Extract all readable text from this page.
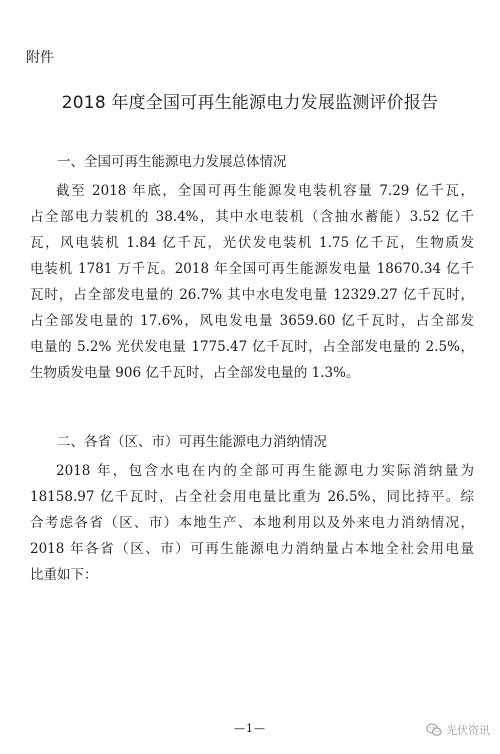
附件
2018 年度全国可再生能源电力发展监测评价报告
一、全国可再生能源电力发展总体情况
截至 2018 年底，全国可再生能源发电装机容量 7.29 亿千瓦，
占全部电力装机的 38.4%，其中水电装机（含抽水蓄能）3.52 亿千
瓦，风电装机 1.84 亿千瓦，光伏发电装机 1.75 亿千瓦，生物质发
电装机 1781 万千瓦。2018 年全国可再生能源发电量 18670.34 亿千
瓦时，占全部发电量的 26.7% 其中水电发电量 12329.27 亿千瓦时，
占全部发电量的 17.6%，风电发电量 3659.60 亿千瓦时，占全部发
电量的 5.2% 光伏发电量 1775.47 亿千瓦时，占全部发电量的 2.5%，
生物质发电量 906 亿千瓦时，占全部发电量的 1.3%。
二、各省（区、市）可再生能源电力消纳情况
2018 年，包含水电在内的全部可再生能源电力实际消纳量为
18158.97 亿千瓦时，占全社会用电量比重为 26.5%，同比持平。综
合考虑各省（区、市）本地生产、本地利用以及外来电力消纳情况，
2018 年各省（区、市）可再生能源电力消纳量占本地全社会用电量
比重如下：
—1—	光伏资讯
